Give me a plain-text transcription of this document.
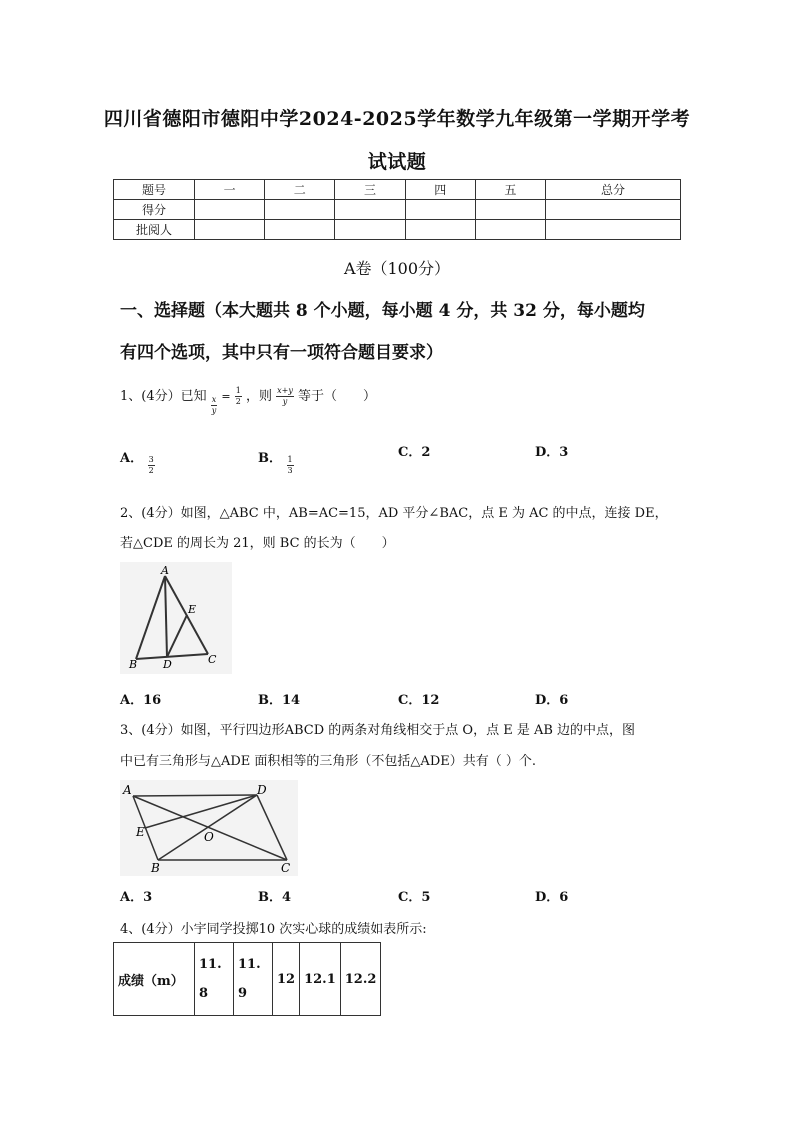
四川省德阳市德阳中学2024-2025学年数学九年级第一学期开学考
试试题
题号	一	二	三	四	五	总分
得分						
批阅人						
A卷（100分）
一、选择题（本大题共 8 个小题，每小题 4 分，共 32 分，每小题均
有四个选项，其中只有一项符合题目要求）
1、(4分）已知 $\frac{x}{y} = \frac{1}{2}$ ，则 $\frac{x+y}{y}$ 等于（　　）
A． $\frac{3}{2}$	B． $\frac{1}{3}$
C．2	D．3
2、(4分）如图，△ABC 中，AB=AC=15，AD 平分∠BAC，点 E 为 AC 的中点，连接 DE，
若△CDE 的周长为 21，则 BC 的长为（　　）
A
E
B D	C
A．16	B．14	C．12	D．6
3、(4分）如图，平行四边形ABCD 的两条对角线相交于点 O，点 E 是 AB 边的中点，图
中已有三角形与△ADE 面积相等的三角形（不包括△ADE）共有（ ）个.
A	D
E	O
B	C
A．3	B．4	C．5	D．6
4、(4分）小宇同学投掷10 次实心球的成绩如表所示:
成绩（m）	11.8	11.9	12	12.1	12.2
